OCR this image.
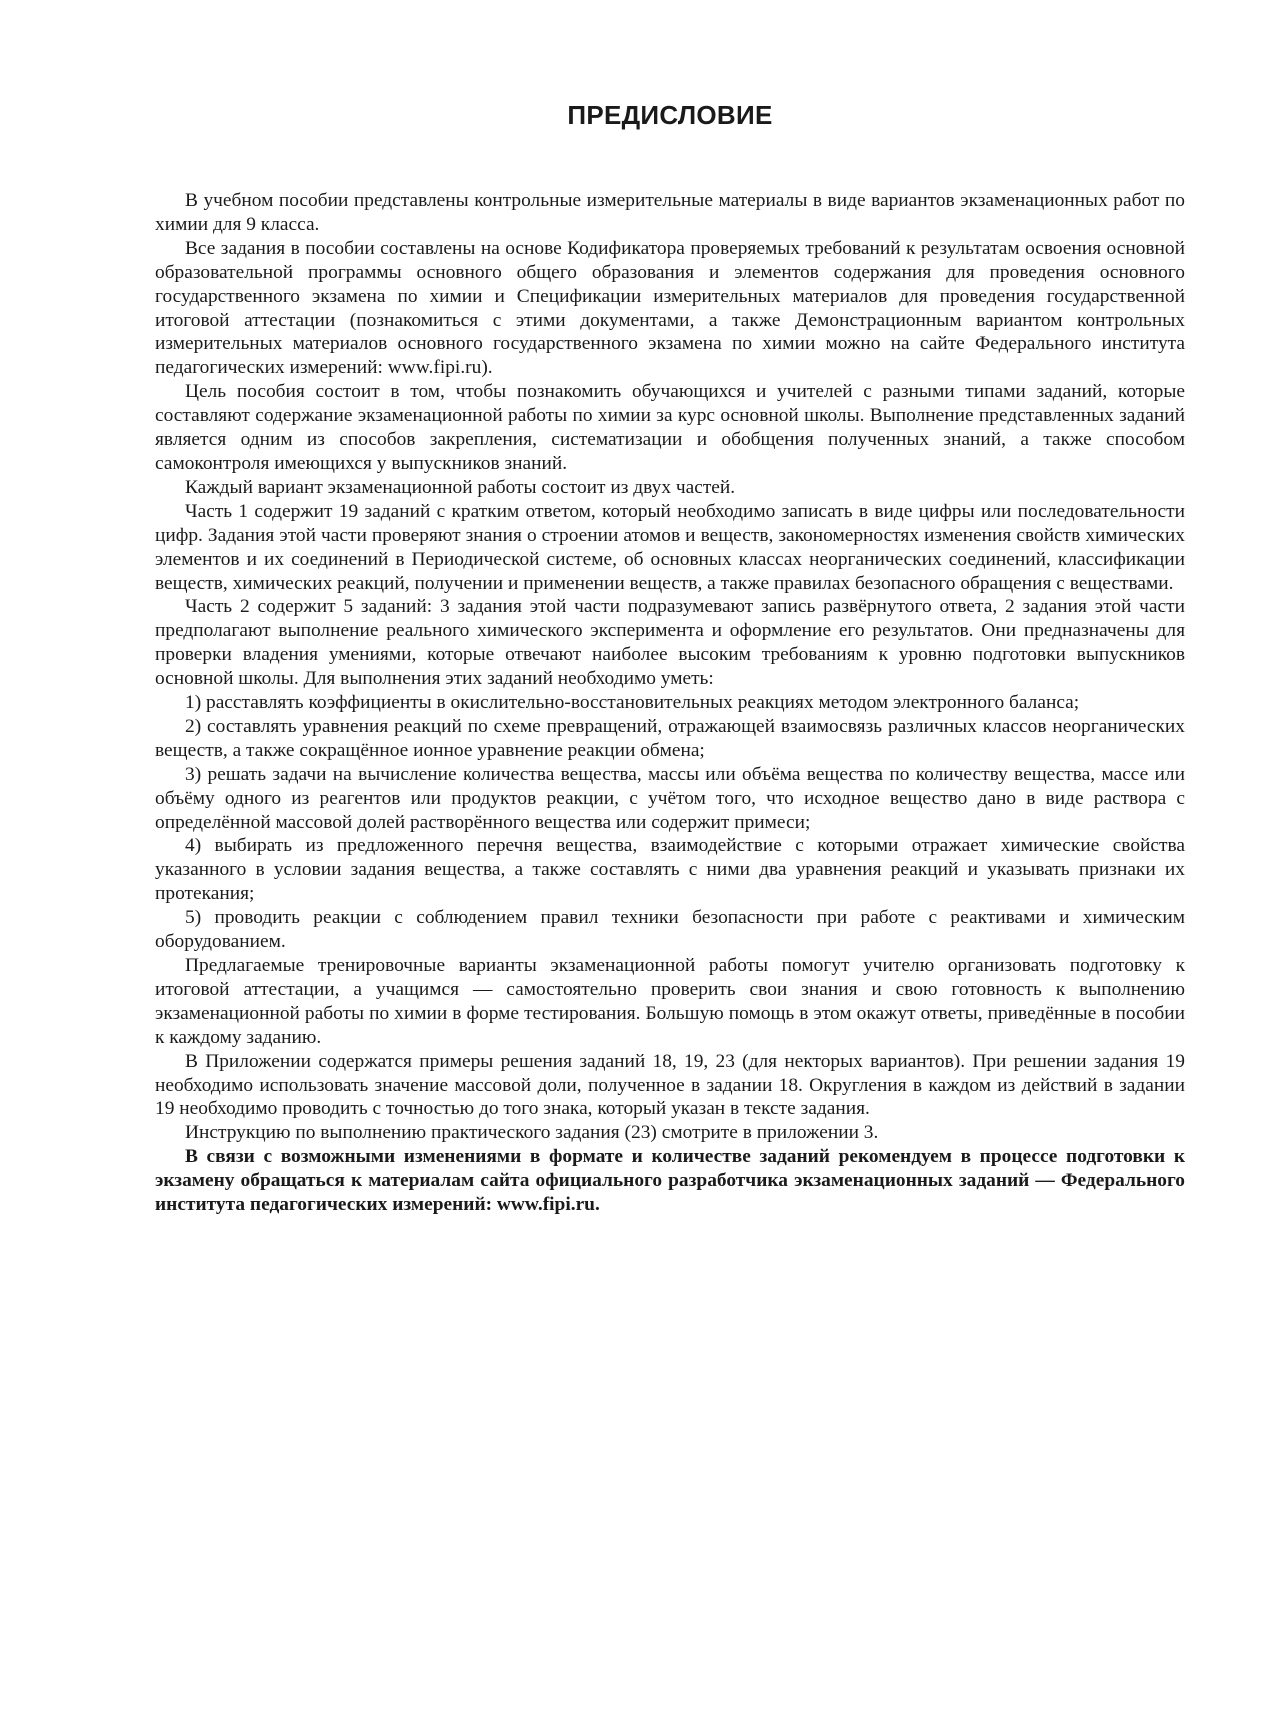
ПРЕДИСЛОВИЕ

В учебном пособии представлены контрольные измерительные материалы в виде вариантов экзаменационных работ по химии для 9 класса.

Все задания в пособии составлены на основе Кодификатора проверяемых требований к результатам освоения основной образовательной программы основного общего образования и элементов содержания для проведения основного государственного экзамена по химии и Спецификации измерительных материалов для проведения государственной итоговой аттестации (познакомиться с этими документами, а также Демонстрационным вариантом контрольных измерительных материалов основного государственного экзамена по химии можно на сайте Федерального института педагогических измерений: www.fipi.ru).

Цель пособия состоит в том, чтобы познакомить обучающихся и учителей с разными типами заданий, которые составляют содержание экзаменационной работы по химии за курс основной школы. Выполнение представленных заданий является одним из способов закрепления, систематизации и обобщения полученных знаний, а также способом самоконтроля имеющихся у выпускников знаний.

Каждый вариант экзаменационной работы состоит из двух частей.

Часть 1 содержит 19 заданий с кратким ответом, который необходимо записать в виде цифры или последовательности цифр. Задания этой части проверяют знания о строении атомов и веществ, закономерностях изменения свойств химических элементов и их соединений в Периодической системе, об основных классах неорганических соединений, классификации веществ, химических реакций, получении и применении веществ, а также правилах безопасного обращения с веществами.

Часть 2 содержит 5 заданий: 3 задания этой части подразумевают запись развёрнутого ответа, 2 задания этой части предполагают выполнение реального химического эксперимента и оформление его результатов. Они предназначены для проверки владения умениями, которые отвечают наиболее высоким требованиям к уровню подготовки выпускников основной школы. Для выполнения этих заданий необходимо уметь:

1) расставлять коэффициенты в окислительно-восстановительных реакциях методом электронного баланса;

2) составлять уравнения реакций по схеме превращений, отражающей взаимосвязь различных классов неорганических веществ, а также сокращённое ионное уравнение реакции обмена;

3) решать задачи на вычисление количества вещества, массы или объёма вещества по количеству вещества, массе или объёму одного из реагентов или продуктов реакции, с учётом того, что исходное вещество дано в виде раствора с определённой массовой долей растворённого вещества или содержит примеси;

4) выбирать из предложенного перечня вещества, взаимодействие с которыми отражает химические свойства указанного в условии задания вещества, а также составлять с ними два уравнения реакций и указывать признаки их протекания;

5) проводить реакции с соблюдением правил техники безопасности при работе с реактивами и химическим оборудованием.

Предлагаемые тренировочные варианты экзаменационной работы помогут учителю организовать подготовку к итоговой аттестации, а учащимся — самостоятельно проверить свои знания и свою готовность к выполнению экзаменационной работы по химии в форме тестирования. Большую помощь в этом окажут ответы, приведённые в пособии к каждому заданию.

В Приложении содержатся примеры решения заданий 18, 19, 23 (для некторых вариантов). При решении задания 19 необходимо использовать значение массовой доли, полученное в задании 18. Округления в каждом из действий в задании 19 необходимо проводить с точностью до того знака, который указан в тексте задания.

Инструкцию по выполнению практического задания (23) смотрите в приложении 3.

В связи с возможными изменениями в формате и количестве заданий рекомендуем в процессе подготовки к экзамену обращаться к материалам сайта официального разработчика экзаменационных заданий — Федерального института педагогических измерений: www.fipi.ru.
